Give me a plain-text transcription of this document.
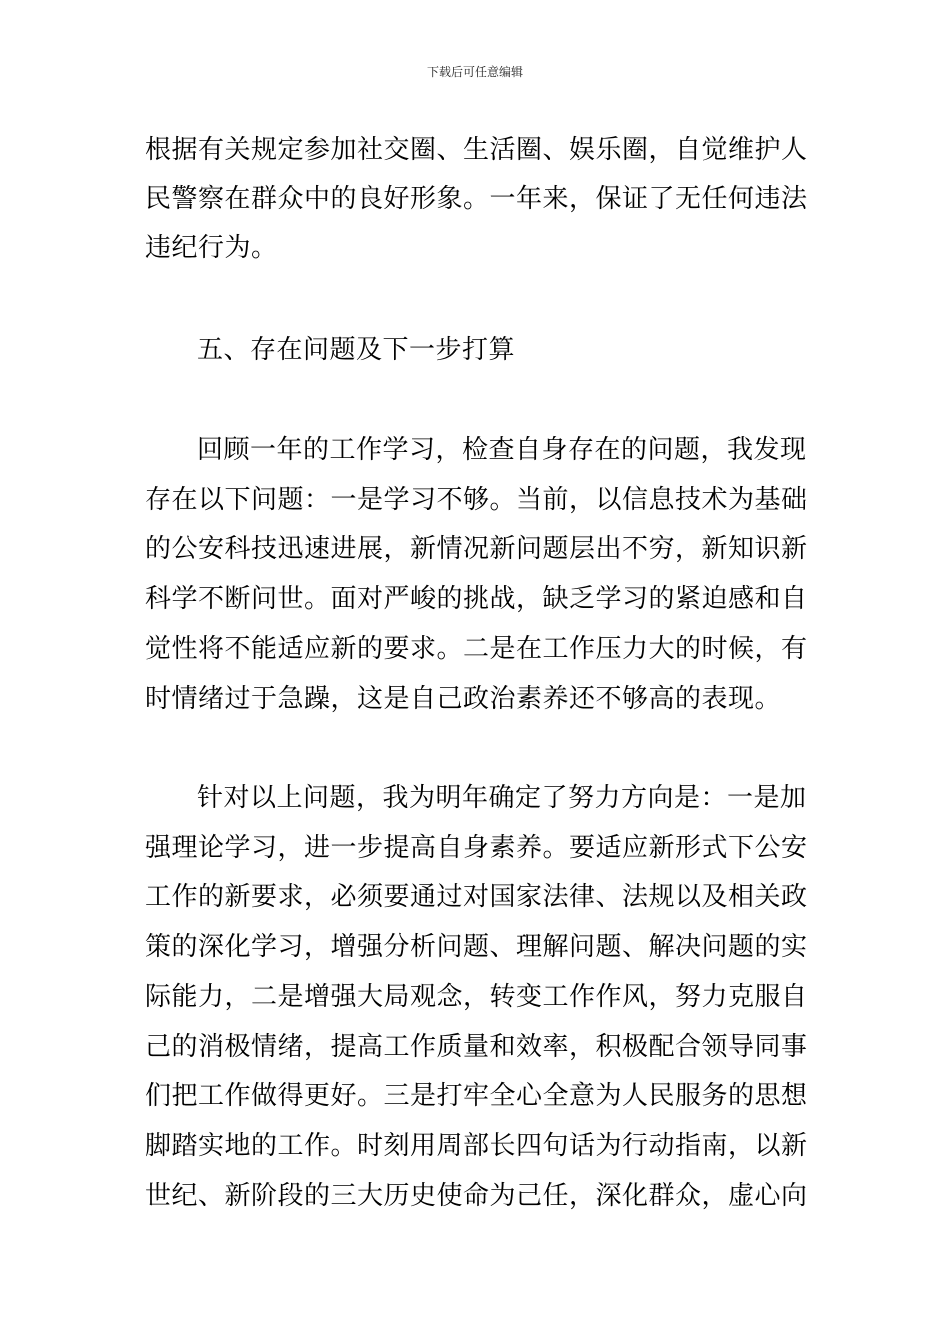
下载后可任意编辑
根据有关规定参加社交圈、生活圈、娱乐圈，自觉维护人
民警察在群众中的良好形象。一年来，保证了无任何违法
违纪行为。
五、存在问题及下一步打算
回顾一年的工作学习，检查自身存在的问题，我发现
存在以下问题：一是学习不够。当前，以信息技术为基础
的公安科技迅速进展，新情况新问题层出不穷，新知识新
科学不断问世。面对严峻的挑战，缺乏学习的紧迫感和自
觉性将不能适应新的要求。二是在工作压力大的时候，有
时情绪过于急躁，这是自己政治素养还不够高的表现。
针对以上问题，我为明年确定了努力方向是：一是加
强理论学习，进一步提高自身素养。要适应新形式下公安
工作的新要求，必须要通过对国家法律、法规以及相关政
策的深化学习，增强分析问题、理解问题、解决问题的实
际能力，二是增强大局观念，转变工作作风，努力克服自
己的消极情绪，提高工作质量和效率，积极配合领导同事
们把工作做得更好。三是打牢全心全意为人民服务的思想
脚踏实地的工作。时刻用周部长四句话为行动指南，以新
世纪、新阶段的三大历史使命为己任，深化群众，虚心向
